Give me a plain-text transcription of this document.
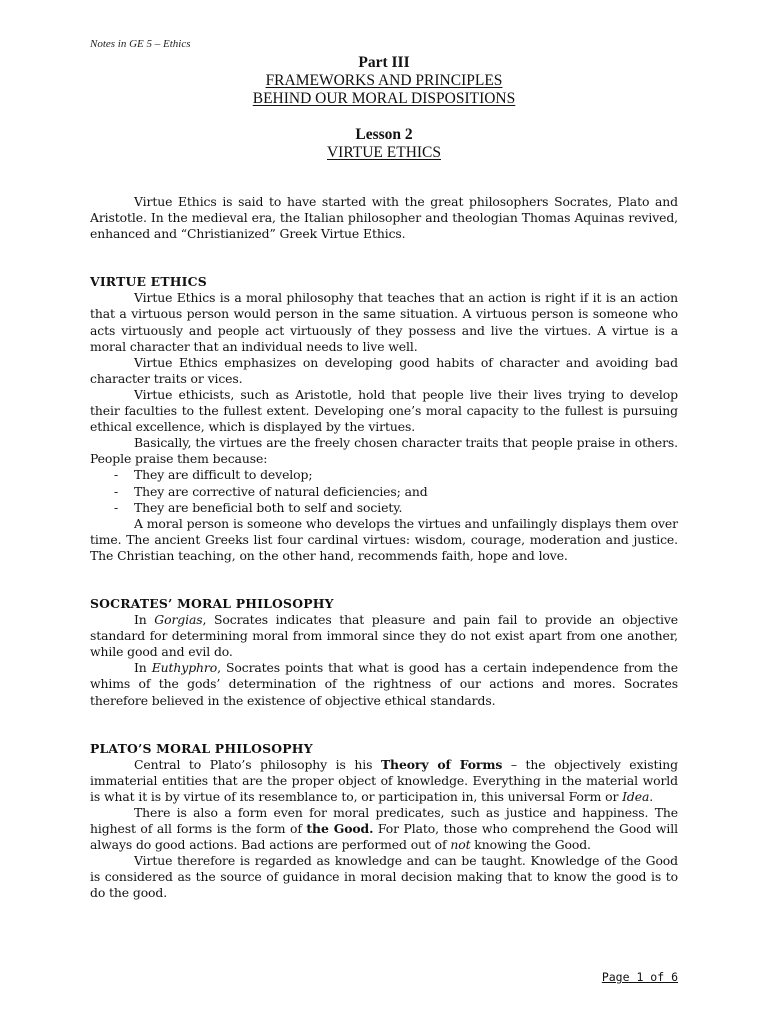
Notes in GE 5 – Ethics
Part III
FRAMEWORKS AND PRINCIPLES
BEHIND OUR MORAL DISPOSITIONS
Lesson 2
VIRTUE ETHICS

Virtue Ethics is said to have started with the great philosophers Socrates, Plato and Aristotle. In the medieval era, the Italian philosopher and theologian Thomas Aquinas revived, enhanced and “Christianized” Greek Virtue Ethics.

VIRTUE ETHICS

Virtue Ethics is a moral philosophy that teaches that an action is right if it is an action that a virtuous person would person in the same situation. A virtuous person is someone who acts virtuously and people act virtuously of they possess and live the virtues. A virtue is a moral character that an individual needs to live well.

Virtue Ethics emphasizes on developing good habits of character and avoiding bad character traits or vices.

Virtue ethicists, such as Aristotle, hold that people live their lives trying to develop their faculties to the fullest extent. Developing one’s moral capacity to the fullest is pursuing ethical excellence, which is displayed by the virtues.

Basically, the virtues are the freely chosen character traits that people praise in others. People praise them because:

- They are difficult to develop;
- They are corrective of natural deficiencies; and
- They are beneficial both to self and society.

A moral person is someone who develops the virtues and unfailingly displays them over time. The ancient Greeks list four cardinal virtues: wisdom, courage, moderation and justice. The Christian teaching, on the other hand, recommends faith, hope and love.

SOCRATES’ MORAL PHILOSOPHY

In Gorgias, Socrates indicates that pleasure and pain fail to provide an objective standard for determining moral from immoral since they do not exist apart from one another, while good and evil do.

In Euthyphro, Socrates points that what is good has a certain independence from the whims of the gods’ determination of the rightness of our actions and mores. Socrates therefore believed in the existence of objective ethical standards.

PLATO’S MORAL PHILOSOPHY

Central to Plato’s philosophy is his Theory of Forms – the objectively existing immaterial entities that are the proper object of knowledge. Everything in the material world is what it is by virtue of its resemblance to, or participation in, this universal Form or Idea.

There is also a form even for moral predicates, such as justice and happiness. The highest of all forms is the form of the Good. For Plato, those who comprehend the Good will always do good actions. Bad actions are performed out of not knowing the Good.

Virtue therefore is regarded as knowledge and can be taught. Knowledge of the Good is considered as the source of guidance in moral decision making that to know the good is to do the good.

Page 1 of 6
